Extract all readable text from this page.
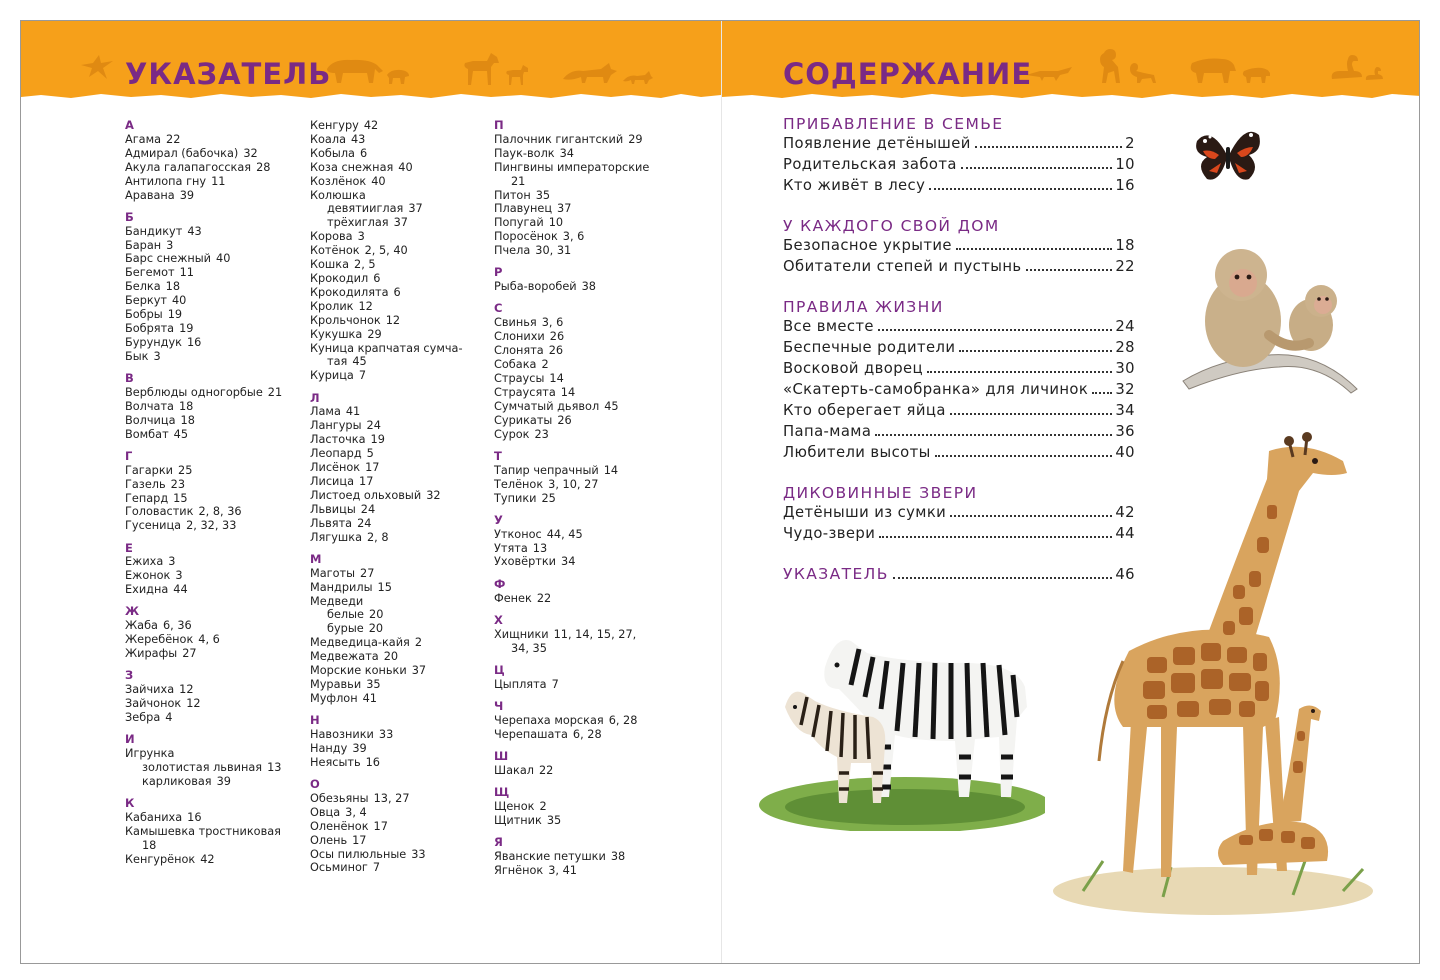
УКАЗАТЕЛЬ	СОДЕРЖАНИЕ
А
Агама 22
Адмирал (бабочка) 32
Акула галапагосская 28
Антилопа гну 11
Аравана 39
Б
Бандикут 43
Баран 3
Барс снежный 40
Бегемот 11
Белка 18
Беркут 40
Бобры 19
Бобрята 19
Бурундук 16
Бык 3
В
Верблюды одногорбые 21
Волчата 18
Волчица 18
Вомбат 45
Г
Гагарки 25
Газель 23
Гепард 15
Головастик 2, 8, 36
Гусеница 2, 32, 33
Е
Ежиха 3
Ежонок 3
Ехидна 44
Ж
Жаба 6, 36
Жеребёнок 4, 6
Жирафы 27
З
Зайчиха 12
Зайчонок 12
Зебра 4
И
Игрунка
золотистая львиная 13
карликовая 39
К
Кабаниха 16
Камышевка тростниковая
18
Кенгурёнок 42
Кенгуру 42
Коала 43
Кобыла 6
Коза снежная 40
Козлёнок 40
Колюшка
девятииглая 37
трёхиглая 37
Корова 3
Котёнок 2, 5, 40
Кошка 2, 5
Крокодил 6
Крокодилята 6
Кролик 12
Крольчонок 12
Кукушка 29
Куница крапчатая сумча-
тая 45
Курица 7
Л
Лама 41
Лангуры 24
Ласточка 19
Леопард 5
Лисёнок 17
Лисица 17
Листоед ольховый 32
Львицы 24
Львята 24
Лягушка 2, 8
М
Маготы 27
Мандрилы 15
Медведи
белые 20
бурые 20
Медведица-кайя 2
Медвежата 20
Морские коньки 37
Муравьи 35
Муфлон 41
Н
Навозники 33
Нанду 39
Неясыть 16
О
Обезьяны 13, 27
Овца 3, 4
Оленёнок 17
Олень 17
Осы пилюльные 33
Осьминог 7
П
Палочник гигантский 29
Паук-волк 34
Пингвины императорские
21
Питон 35
Плавунец 37
Попугай 10
Поросёнок 3, 6
Пчела 30, 31
Р
Рыба-воробей 38
С
Свинья 3, 6
Слонихи 26
Слонята 26
Собака 2
Страусы 14
Страусята 14
Сумчатый дьявол 45
Сурикаты 26
Сурок 23
Т
Тапир чепрачный 14
Телёнок 3, 10, 27
Тупики 25
У
Утконос 44, 45
Утята 13
Уховёртки 34
Ф
Фенек 22
Х
Хищники 11, 14, 15, 27,
34, 35
Ц
Цыплята 7
Ч
Черепаха морская 6, 28
Черепашата 6, 28
Ш
Шакал 22
Щ
Щенок 2
Щитник 35
Я
Яванские петушки 38
Ягнёнок 3, 41
ПРИБАВЛЕНИЕ В СЕМЬЕ
Появление детёнышей	2
Родительская забота	10
Кто живёт в лесу	16
У КАЖДОГО СВОЙ ДОМ
Безопасное укрытие	18
Обитатели степей и пустынь	22
ПРАВИЛА ЖИЗНИ
Все вместе	24
Беспечные родители	28
Восковой дворец	30
«Скатерть-самобранка» для личинок 32
Кто оберегает яйца	34
Папа-мама	36
Любители высоты	40
ДИКОВИННЫЕ ЗВЕРИ
Детёныши из сумки	42
Чудо-звери	44
УКАЗАТЕЛЬ	46
